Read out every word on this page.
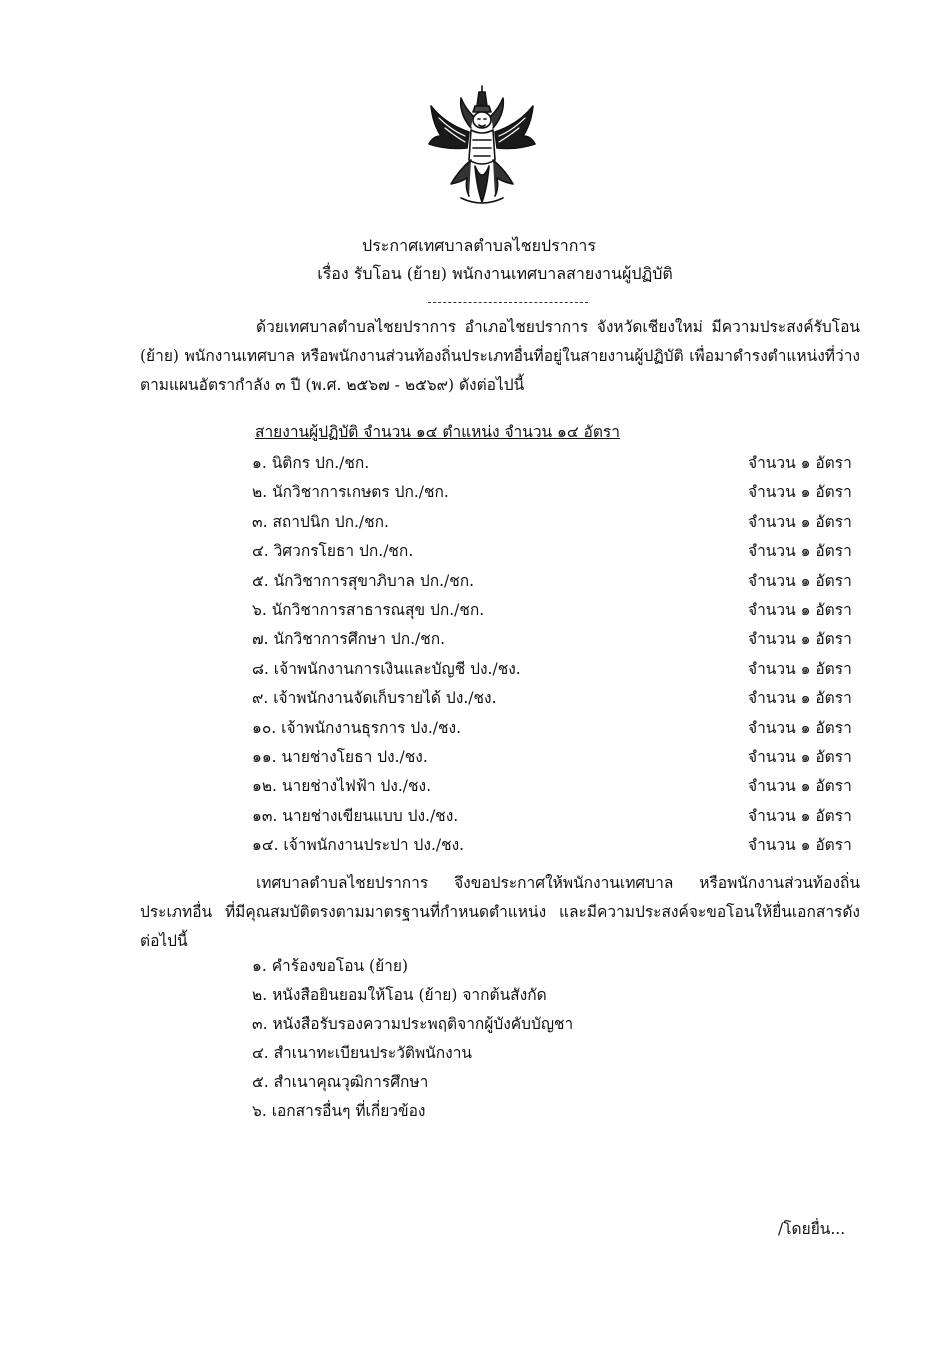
ประกาศเทศบาลตำบลไชยปราการ
เรื่อง รับโอน (ย้าย) พนักงานเทศบาลสายงานผู้ปฏิบัติ

ด้วยเทศบาลตำบลไชยปราการ อำเภอไชยปราการ จังหวัดเชียงใหม่ มีความประสงค์รับโอน (ย้าย) พนักงานเทศบาล หรือพนักงานส่วนท้องถิ่นประเภทอื่นที่อยู่ในสายงานผู้ปฏิบัติ เพื่อมาดำรงตำแหน่งที่ว่างตามแผนอัตรากำลัง ๓ ปี (พ.ศ. ๒๕๖๗ - ๒๕๖๙) ดังต่อไปนี้

สายงานผู้ปฏิบัติ จำนวน ๑๔ ตำแหน่ง จำนวน ๑๔ อัตรา
๑. นิติกร ปก./ชก.	จำนวน ๑ อัตรา
๒. นักวิชาการเกษตร ปก./ชก.	จำนวน ๑ อัตรา
๓. สถาปนิก ปก./ชก.	จำนวน ๑ อัตรา
๔. วิศวกรโยธา ปก./ชก.	จำนวน ๑ อัตรา
๕. นักวิชาการสุขาภิบาล ปก./ชก.	จำนวน ๑ อัตรา
๖. นักวิชาการสาธารณสุข ปก./ชก.	จำนวน ๑ อัตรา
๗. นักวิชาการศึกษา ปก./ชก.	จำนวน ๑ อัตรา
๘. เจ้าพนักงานการเงินและบัญชี ปง./ชง.	จำนวน ๑ อัตรา
๙. เจ้าพนักงานจัดเก็บรายได้ ปง./ชง.	จำนวน ๑ อัตรา
๑๐. เจ้าพนักงานธุรการ ปง./ชง.	จำนวน ๑ อัตรา
๑๑. นายช่างโยธา ปง./ชง.	จำนวน ๑ อัตรา
๑๒. นายช่างไฟฟ้า ปง./ชง.	จำนวน ๑ อัตรา
๑๓. นายช่างเขียนแบบ ปง./ชง.	จำนวน ๑ อัตรา
๑๔. เจ้าพนักงานประปา ปง./ชง.	จำนวน ๑ อัตรา

เทศบาลตำบลไชยปราการ จึงขอประกาศให้พนักงานเทศบาล หรือพนักงานส่วนท้องถิ่นประเภทอื่น ที่มีคุณสมบัติตรงตามมาตรฐานที่กำหนดตำแหน่ง และมีความประสงค์จะขอโอนให้ยื่นเอกสารดังต่อไปนี้

๑. คำร้องขอโอน (ย้าย)
๒. หนังสือยินยอมให้โอน (ย้าย) จากต้นสังกัด
๓. หนังสือรับรองความประพฤติจากผู้บังคับบัญชา
๔. สำเนาทะเบียนประวัติพนักงาน
๕. สำเนาคุณวุฒิการศึกษา
๖. เอกสารอื่นๆ ที่เกี่ยวข้อง
/โดยยื่น...
